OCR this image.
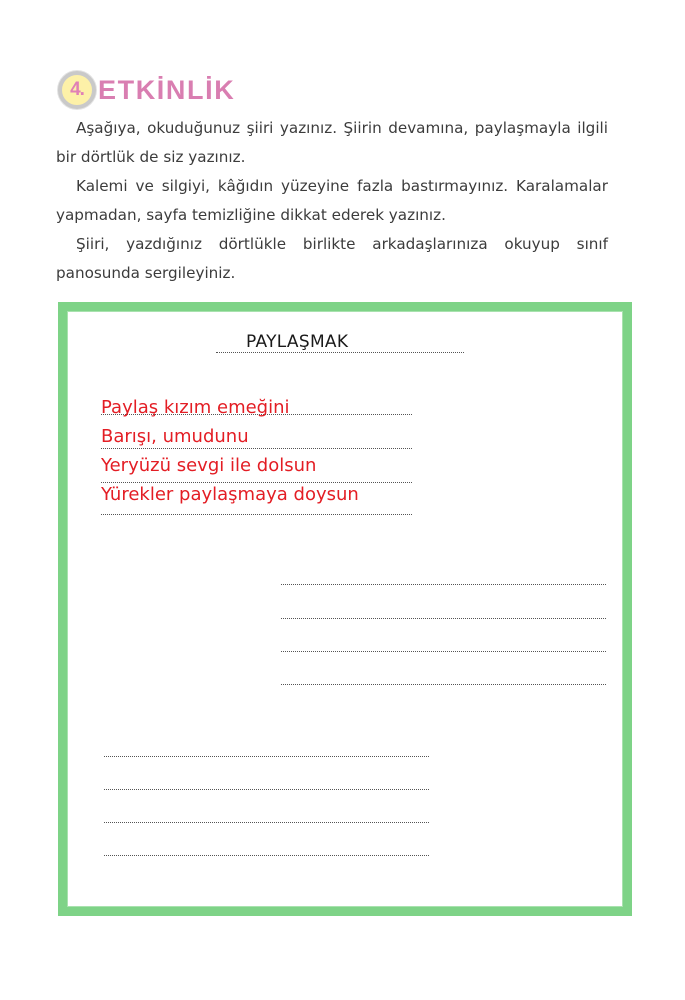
4. ETKİNLİK

Aşağıya, okuduğunuz şiiri yazınız. Şiirin devamına, paylaşmayla ilgili bir dörtlük de siz yazınız.

Kalemi ve silgiyi, kâğıdın yüzeyine fazla bastırmayınız. Karalamalar yapmadan, sayfa temizliğine dikkat ederek yazınız.

Şiiri, yazdığınız dörtlükle birlikte arkadaşlarınıza okuyup sınıf panosunda sergileyiniz.

PAYLAŞMAK
Paylaş kızım emeğini
Barışı, umudunu
Yeryüzü sevgi ile dolsun
Yürekler paylaşmaya doysun
